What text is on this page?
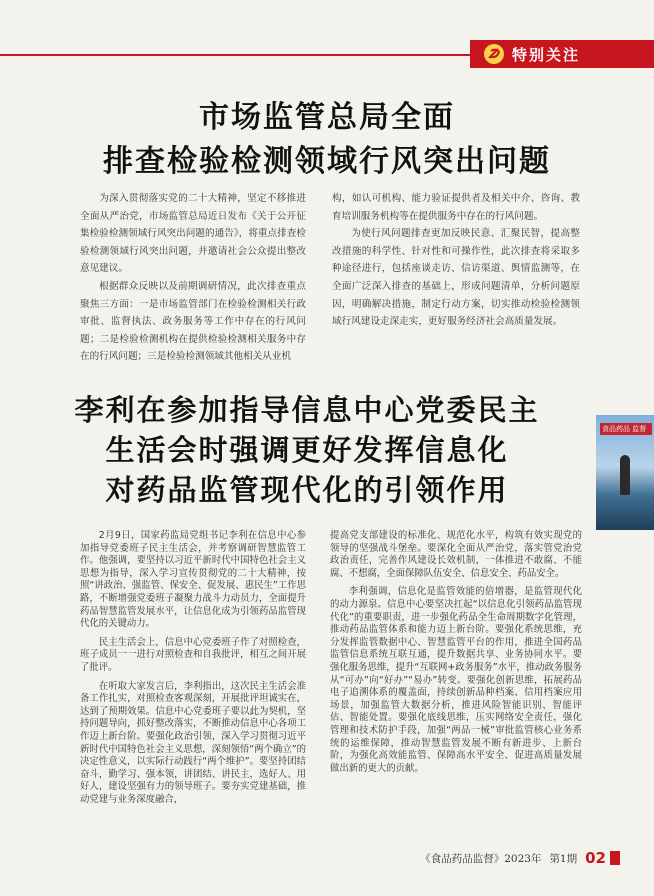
特别关注
市场监管总局全面
排查检验检测领域行风突出问题

为深入贯彻落实党的二十大精神，坚定不移推进全面从严治党，市场监管总局近日发布《关于公开征集检验检测领域行风突出问题的通告》，将重点排查检验检测领域行风突出问题，并邀请社会公众提出整改意见建议。

根据群众反映以及前期调研情况，此次排查重点聚焦三方面：一是市场监管部门在检验检测相关行政审批、监督执法、政务服务等工作中存在的行风问题；二是检验检测机构在提供检验检测相关服务中存在的行风问题；三是检验检测领域其他相关从业机

构，如认可机构、能力验证提供者及相关中介、咨询、教育培训服务机构等在提供服务中存在的行风问题。

为使行风问题排查更加反映民意、汇聚民智，提高整改措施的科学性、针对性和可操作性，此次排查将采取多种途径进行，包括座谈走访、信访渠道、舆情监测等，在全面广泛深入排查的基础上，形成问题清单，分析问题原因，明确解决措施，制定行动方案，切实推动检验检测领域行风建设走深走实，更好服务经济社会高质量发展。

食品药品 监督
李利在参加指导信息中心党委民主
生活会时强调更好发挥信息化
对药品监管现代化的引领作用

2月9日，国家药监局党组书记李利在信息中心参加指导党委班子民主生活会，并考察调研智慧监管工作。他强调，要坚持以习近平新时代中国特色社会主义思想为指导，深入学习宣传贯彻党的二十大精神，按照“讲政治、强监管、保安全、促发展、惠民生”工作思路，不断增强党委班子凝聚力战斗力动员力，全面提升药品智慧监管发展水平，让信息化成为引领药品监管现代化的关键动力。

民主生活会上，信息中心党委班子作了对照检查，班子成员一一进行对照检查和自我批评，相互之间开展了批评。

在听取大家发言后，李利指出，这次民主生活会准备工作扎实，对照检查客观深刻，开展批评坦诚实在，达到了预期效果。信息中心党委班子要以此为契机，坚持问题导向，抓好整改落实，不断推动信息中心各项工作迈上新台阶。要强化政治引领，深入学习贯彻习近平新时代中国特色社会主义思想，深刻领悟“两个确立”的决定性意义，以实际行动践行“两个维护”。要坚持团结奋斗，勤学习、强本领，讲团结、讲民主，选好人、用好人，建设坚强有力的领导班子。要夯实党建基础，推动党建与业务深度融合，

提高党支部建设的标准化、规范化水平，构筑有效实现党的领导的坚强战斗堡垒。要深化全面从严治党，落实管党治党政治责任，完善作风建设长效机制，一体推进不敢腐、不能腐、不想腐，全面保障队伍安全、信息安全、药品安全。

李利强调，信息化是监管效能的倍增器，是监管现代化的动力源泉。信息中心要坚决扛起“以信息化引领药品监管现代化”的重要职责，进一步强化药品全生命周期数字化管理，推动药品监管体系和能力迈上新台阶。要强化系统思维，充分发挥监管数据中心、智慧监管平台的作用，推进全国药品监管信息系统互联互通，提升数据共享、业务协同水平。要强化服务思维，提升“互联网+政务服务”水平，推动政务服务从“可办”向“好办”“易办”转变。要强化创新思维，拓展药品电子追溯体系的覆盖面，持续创新品种档案、信用档案应用场景，加强监管大数据分析，推进风险智能识别、智能评估、智能处置。要强化底线思维，压实网络安全责任，强化管理和技术防护手段，加强“两品一械”审批监管核心业务系统的运维保障，推动智慧监管发展不断有新进步、上新台阶，为强化高效能监管、保障高水平安全、促进高质量发展做出新的更大的贡献。

《食品药品监督》2023年 第1期 02
